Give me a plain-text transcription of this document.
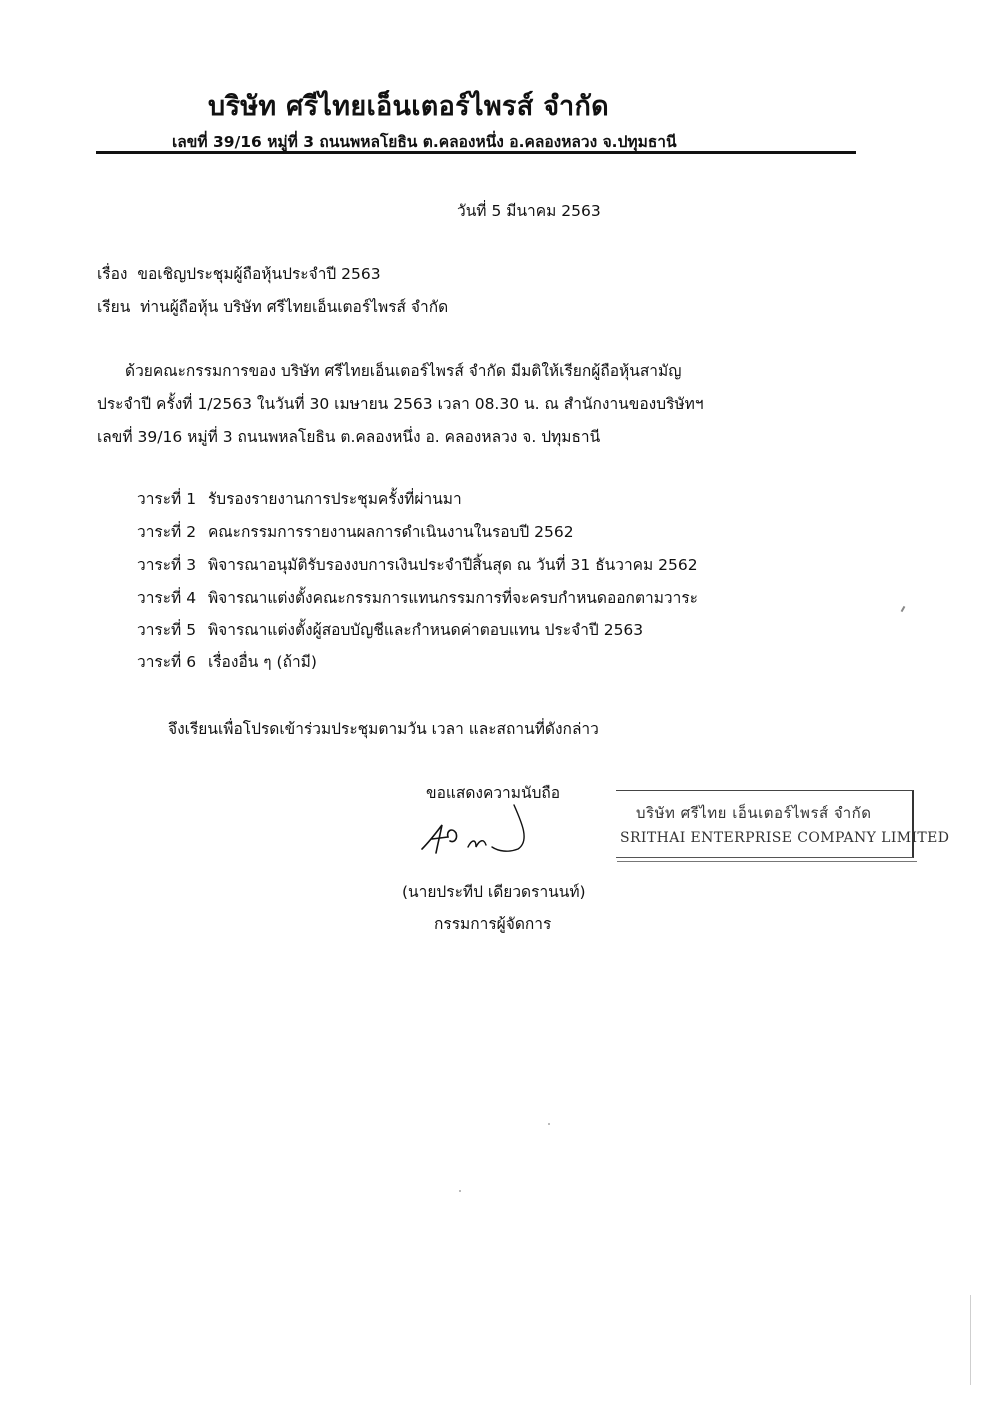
บริษัท ศรีไทยเอ็นเตอร์ไพรส์ จำกัด
เลขที่ 39/16 หมู่ที่ 3 ถนนพหลโยธิน ต.คลองหนึ่ง อ.คลองหลวง จ.ปทุมธานี
วันที่ 5 มีนาคม 2563
เรื่อง ขอเชิญประชุมผู้ถือหุ้นประจำปี 2563
เรียน ท่านผู้ถือหุ้น บริษัท ศรีไทยเอ็นเตอร์ไพรส์ จำกัด
ด้วยคณะกรรมการของ บริษัท ศรีไทยเอ็นเตอร์ไพรส์ จำกัด มีมติให้เรียกผู้ถือหุ้นสามัญ
ประจำปี ครั้งที่ 1/2563 ในวันที่ 30 เมษายน 2563 เวลา 08.30 น. ณ สำนักงานของบริษัทฯ
เลขที่ 39/16 หมู่ที่ 3 ถนนพหลโยธิน ต.คลองหนึ่ง อ. คลองหลวง จ. ปทุมธานี
วาระที่ 1 รับรองรายงานการประชุมครั้งที่ผ่านมา
วาระที่ 2 คณะกรรมการรายงานผลการดำเนินงานในรอบปี 2562
วาระที่ 3 พิจารณาอนุมัติรับรองงบการเงินประจำปีสิ้นสุด ณ วันที่ 31 ธันวาคม 2562
วาระที่ 4 พิจารณาแต่งตั้งคณะกรรมการแทนกรรมการที่จะครบกำหนดออกตามวาระ
วาระที่ 5 พิจารณาแต่งตั้งผู้สอบบัญชีและกำหนดค่าตอบแทน ประจำปี 2563
วาระที่ 6 เรื่องอื่น ๆ (ถ้ามี)
จึงเรียนเพื่อโปรดเข้าร่วมประชุมตามวัน เวลา และสถานที่ดังกล่าว
ขอแสดงความนับถือ
(นายประทีป เดียวดรานนท์)
กรรมการผู้จัดการ
บริษัท ศรีไทย เอ็นเตอร์ไพรส์ จำกัด
SRITHAI ENTERPRISE COMPANY LIMITED
